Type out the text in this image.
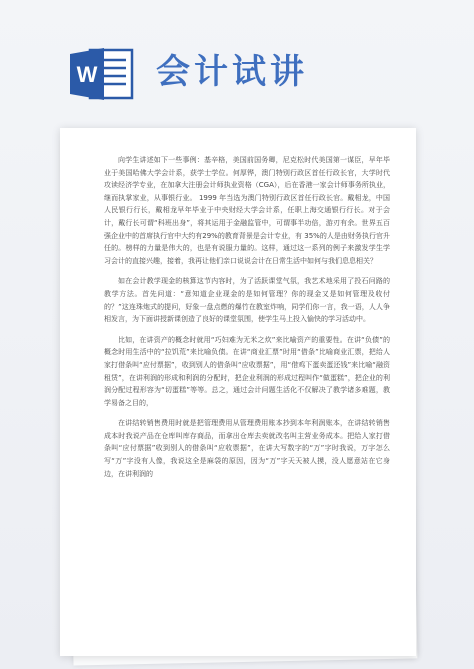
W 会计试讲

向学生讲述如下一些事例：基辛格，美国前国务卿，尼克松时代美国第一谋臣，早年毕业于美国哈佛大学会计系，获学士学位。何厚铧，澳门特别行政区首任行政长官，大学时代攻读经济学专业，在加拿大注册会计师执业资格（CGA），后在香港一家会计师事务所执业，继而执掌家业，从事银行业。 1999 年当选为澳门特别行政区首任行政长官。戴相龙，中国人民银行行长，戴相龙早年毕业于中央财经大学会计系，任职上海交通银行行长。对于会计，戴行长可谓“科班出身”，将其运用于金融监管中，可谓事半功倍，游刃有余。世界五百强企业中的首席执行官中大约有29%的教育背景是会计专业，有 35%的人是由财务执行官升任的。榜样的力量是伟大的，也是有说服力量的。这样，通过这一系列的例子来激发学生学习会计的直接兴趣，接着，我再让他们亲口说说会计在日常生活中如何与我们息息相关？

如在会计教学现金的核算这节内容时，为了活跃课堂气氛，我艺术地采用了投石问路的教学方法。首先问道：“意知道企业现金的是如何管理？你的现金又是如何管理及收付的？”这连珠炮式的提问，好象一盘点燃的爆竹在教室炸响，同学们你一言，我一语，人人争相发言，为下面讲授新课创造了良好的课堂氛围，使学生马上投入愉快的学习活动中。

比如，在讲资产的概念时就用“巧妇难为无米之炊”来比喻资产的重要性。在讲“负债”的概念时用生活中的“拉饥荒”来比喻负债。在讲“商业汇票”时用“借条”比喻商业汇票，把给人家打借条叫“应付票据”，收到别人的借条叫“应收票据”，用“借鸡下蛋卖蛋还钱”来比喻“融资租赁”，在讲利润的形成和利润的分配时，把企业利润的形成过程叫作“做蛋糕”，把企业的利润分配过程形容为“切蛋糕”等等。总之，通过会计问题生活化不仅解决了教学诸多难题，教学易备之目的，

在讲结转销售费用时就是把管理费用从管理费用账本抄到本年利润账本，在讲结转销售成本时我说产品在仓库叫库存商品，而拿出仓库去卖就改名叫主营业务成本。把给人家打借条叫“应付票据”收到别人的借条叫“应收票据”，在讲大写数字的“万”字时我说，万字怎么写“万”字没有人像，我说这全是麻袋的原因，因为“万”字天天被人摸，没人愿意站在它身边，在讲利润的
